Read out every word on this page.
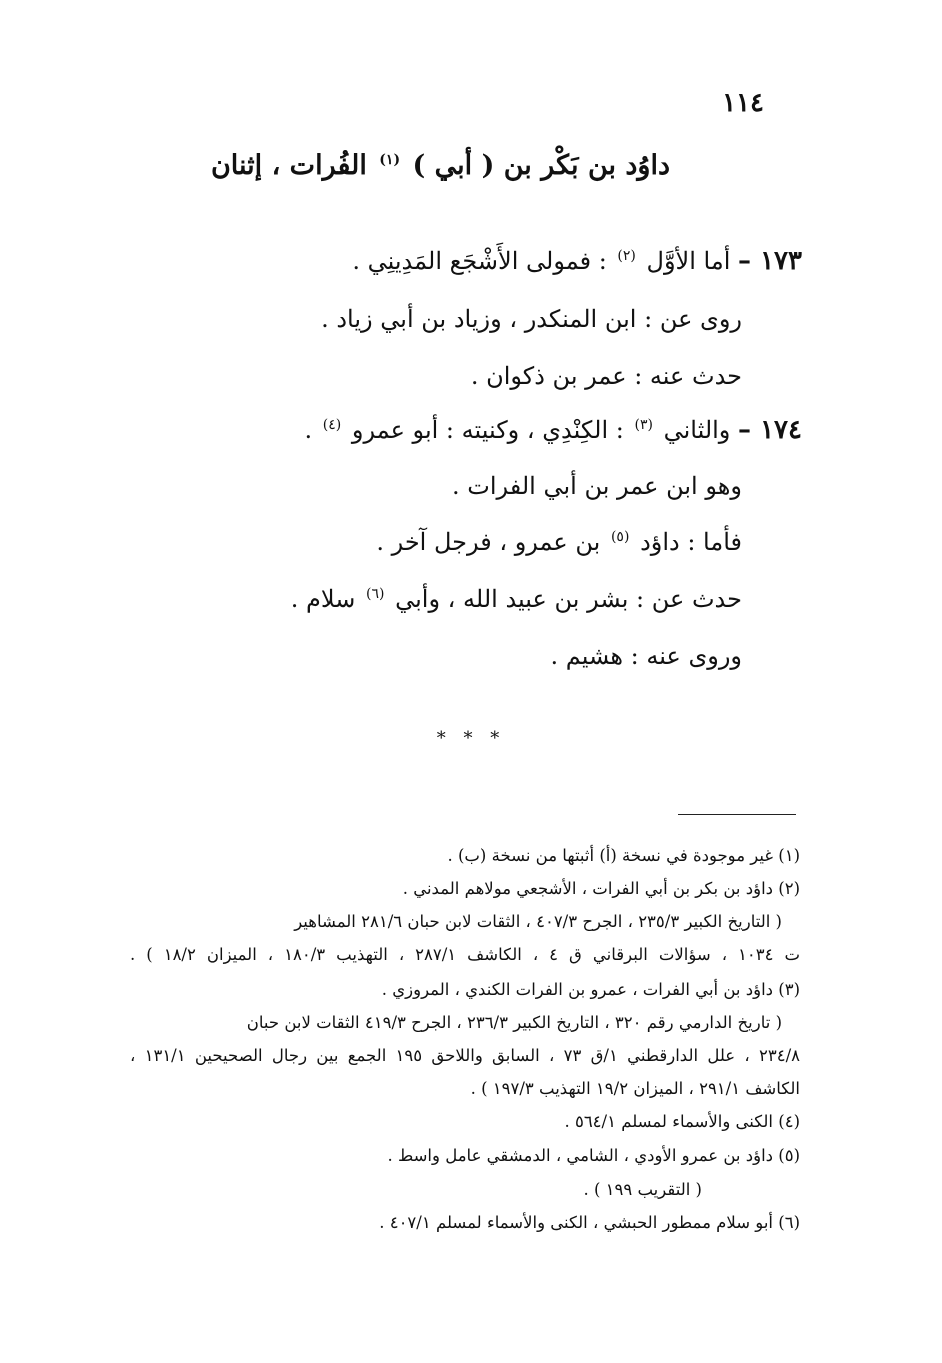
١١٤
داوُد بن بَكْر بن ( أبي ) $^{(١)}$ الفُرات ، إثنان
١٧٣ – أما الأوَّل $^{(٢)}$ : فمولى الأَشْجَع المَدِينِي .
روى عن : ابن المنكدر ، وزياد بن أبي زياد .
حدث عنه : عمر بن ذكوان .
١٧٤ – والثاني $^{(٣)}$ : الكِنْدِي ، وكنيته : أبو عمرو $^{(٤)}$ .
وهو ابن عمر بن أبي الفرات .
فأما : داؤد $^{(٥)}$ بن عمرو ، فرجل آخر .
حدث عن : بشر بن عبيد الله ، وأبي $^{(٦)}$ سلام .
وروى عنه : هشيم .
* * *
(١) غير موجودة في نسخة (أ) أثبتها من نسخة (ب) .
(٢) داؤد بن بكر بن أبي الفرات ، الأشجعي مولاهم المدني .
( التاريخ الكبير ٢٣٥/٣ ، الجرح ٤٠٧/٣ ، الثقات لابن حبان ٢٨١/٦ المشاهير
ت ١٠٣٤ ، سؤالات البرقاني ق ٤ ، الكاشف ٢٨٧/١ ، التهذيب ١٨٠/٣ ، الميزان ١٨/٢ ) .
(٣) داؤد بن أبي الفرات ، عمرو بن الفرات الكندي ، المروزي .
( تاريخ الدارمي رقم ٣٢٠ ، التاريخ الكبير ٢٣٦/٣ ، الجرح ٤١٩/٣ الثقات لابن حبان
٢٣٤/٨ ، علل الدارقطني ١/ق ٧٣ ، السابق واللاحق ١٩٥ الجمع بين رجال الصحيحين ١٣١/١ ،
الكاشف ٢٩١/١ ، الميزان ١٩/٢ التهذيب ١٩٧/٣ ) .
(٤) الكنى والأسماء لمسلم ٥٦٤/١ .
(٥) داؤد بن عمرو الأودي ، الشامي ، الدمشقي عامل واسط .
( التقريب ١٩٩ ) .
(٦) أبو سلام ممطور الحبشي ، الكنى والأسماء لمسلم ٤٠٧/١ .
